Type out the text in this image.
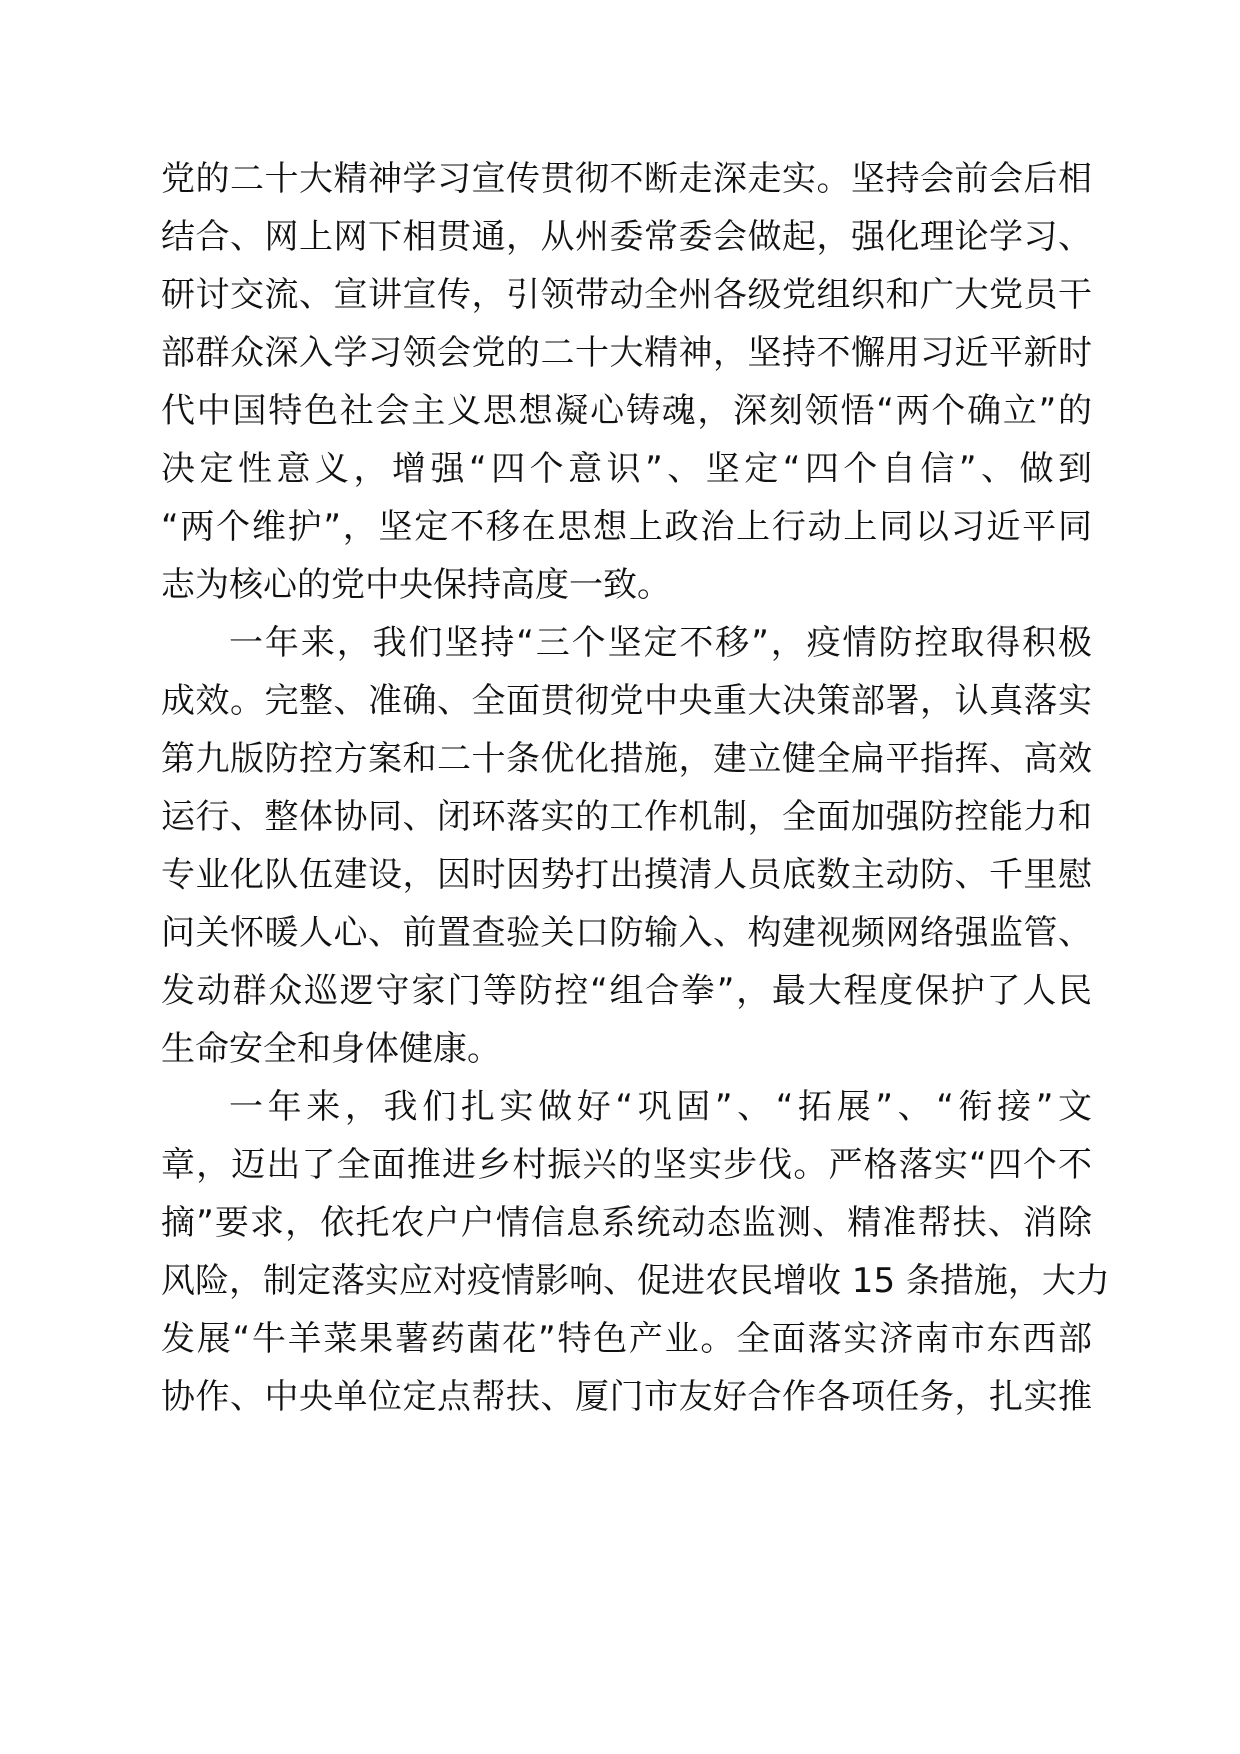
党的二十大精神学习宣传贯彻不断走深走实。坚持会前会后相
结合、网上网下相贯通，从州委常委会做起，强化理论学习、
研讨交流、宣讲宣传，引领带动全州各级党组织和广大党员干
部群众深入学习领会党的二十大精神，坚持不懈用习近平新时
代中国特色社会主义思想凝心铸魂，深刻领悟“两个确立”的
决定性意义，增强“四个意识”、坚定“四个自信”、做到
“两个维护”，坚定不移在思想上政治上行动上同以习近平同
志为核心的党中央保持高度一致。
一年来，我们坚持“三个坚定不移”，疫情防控取得积极
成效。完整、准确、全面贯彻党中央重大决策部署，认真落实
第九版防控方案和二十条优化措施，建立健全扁平指挥、高效
运行、整体协同、闭环落实的工作机制，全面加强防控能力和
专业化队伍建设，因时因势打出摸清人员底数主动防、千里慰
问关怀暖人心、前置查验关口防输入、构建视频网络强监管、
发动群众巡逻守家门等防控“组合拳”，最大程度保护了人民
生命安全和身体健康。
一年来，我们扎实做好“巩固”、“拓展”、“衔接”文
章，迈出了全面推进乡村振兴的坚实步伐。严格落实“四个不
摘”要求，依托农户户情信息系统动态监测、精准帮扶、消除
风险，制定落实应对疫情影响、促进农民增收 15 条措施，大力
发展“牛羊菜果薯药菌花”特色产业。全面落实济南市东西部
协作、中央单位定点帮扶、厦门市友好合作各项任务，扎实推
